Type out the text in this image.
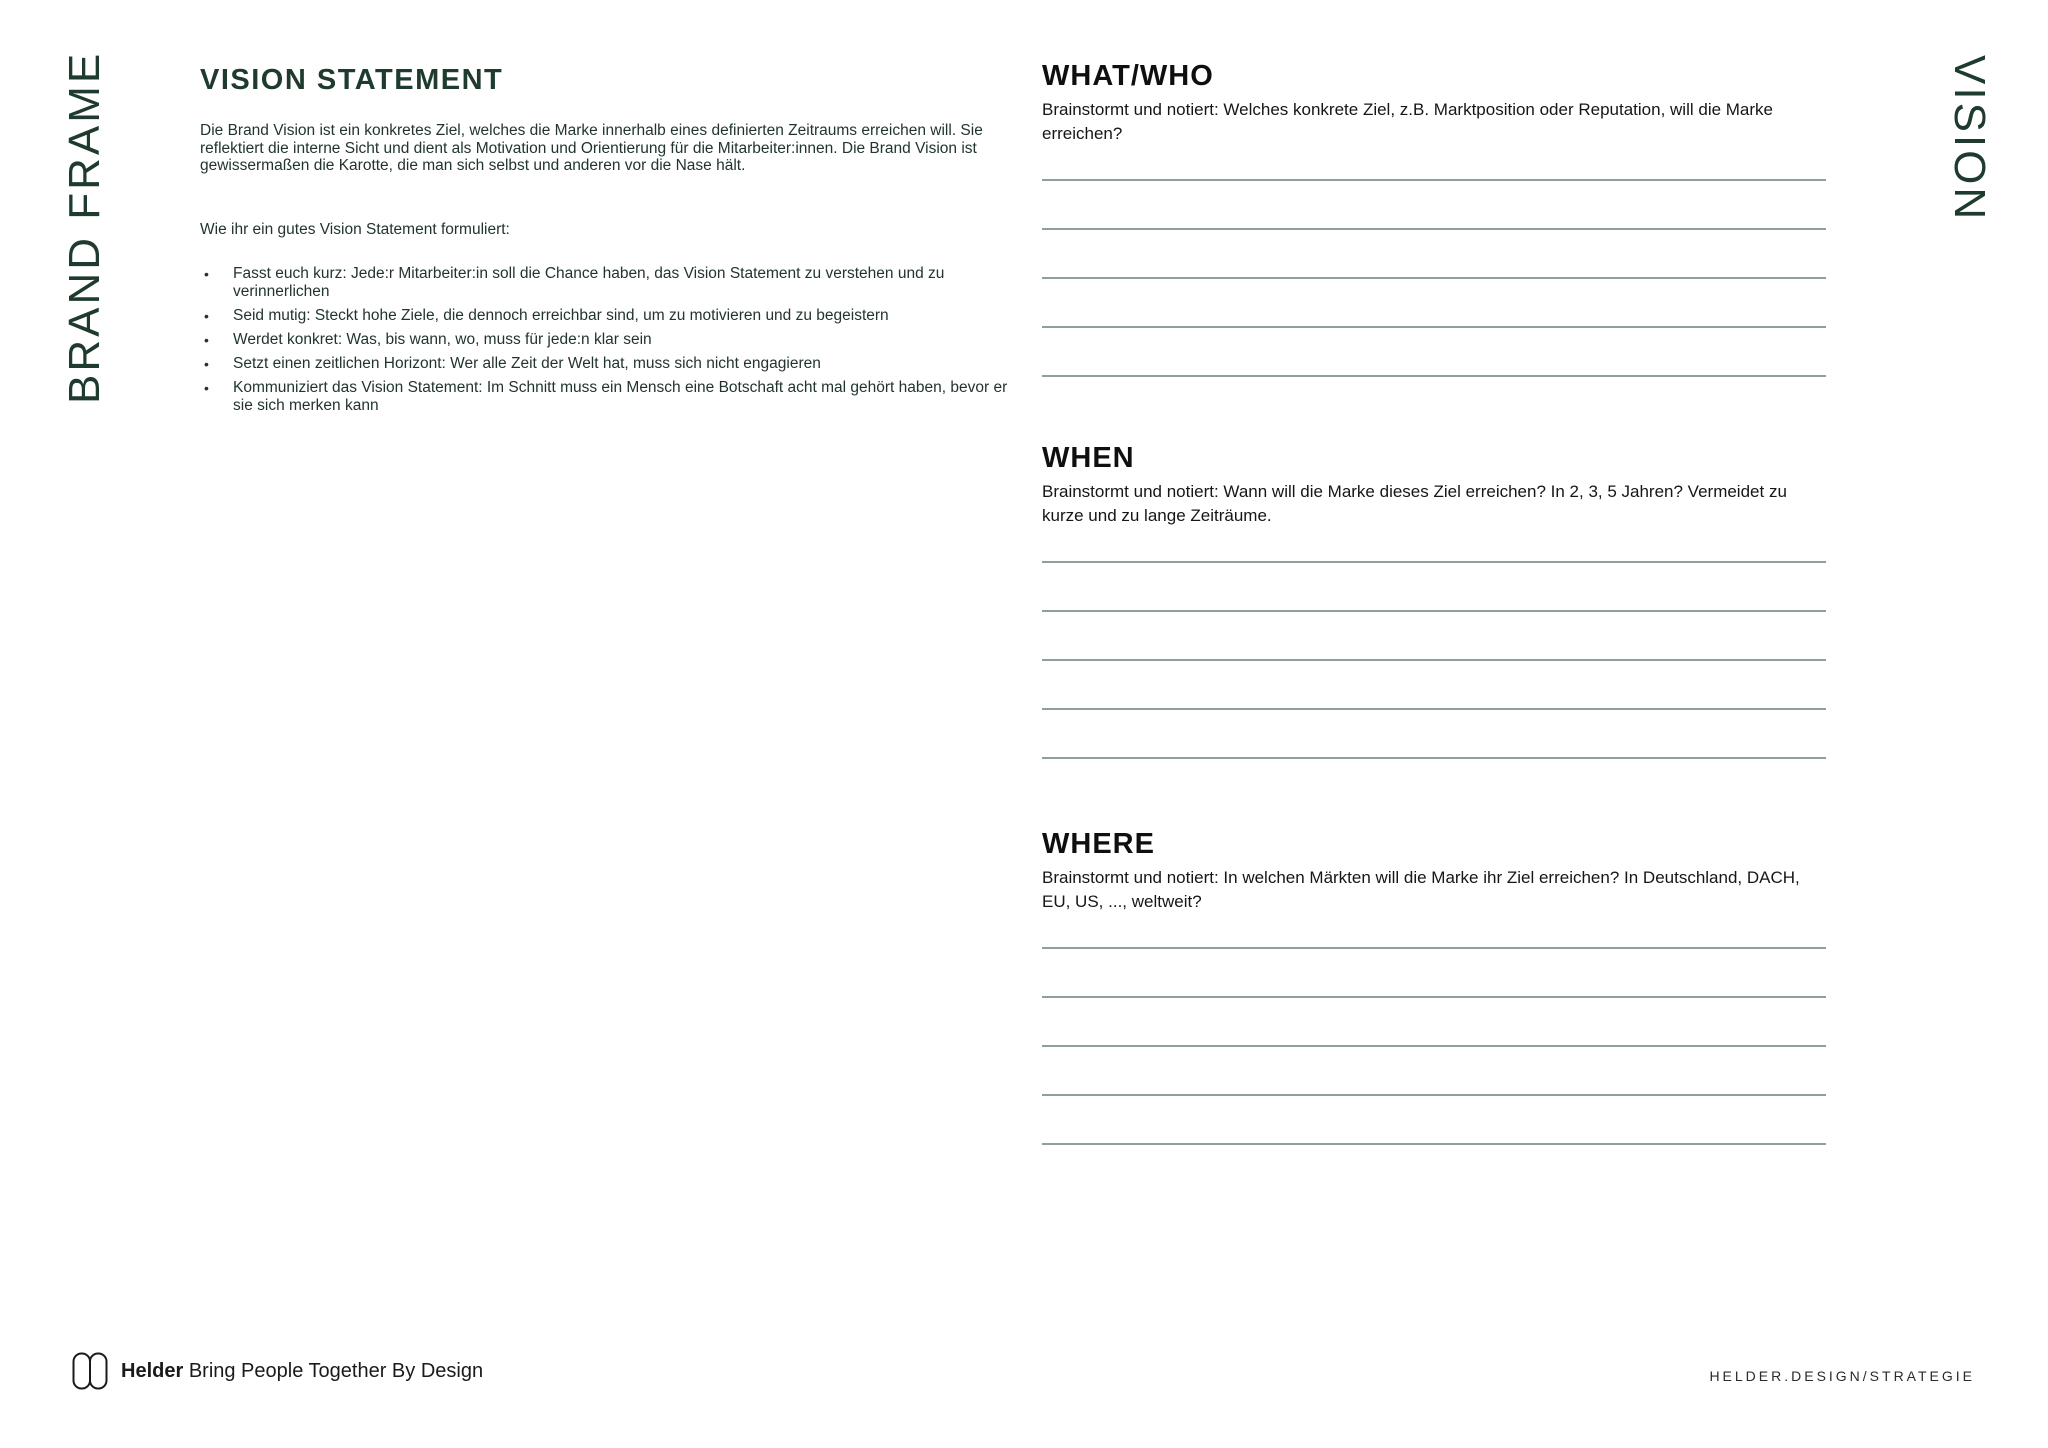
BRAND FRAME	VISION
VISION STATEMENT

Die Brand Vision ist ein konkretes Ziel, welches die Marke innerhalb eines definierten Zeitraums erreichen will. Sie reflektiert die interne Sicht und dient als Motivation und Orientierung für die Mitarbeiter:innen. Die Brand Vision ist gewissermaßen die Karotte, die man sich selbst und anderen vor die Nase hält.

Wie ihr ein gutes Vision Statement formuliert:

• Fasst euch kurz: Jede:r Mitarbeiter:in soll die Chance haben, das Vision Statement zu verstehen und zu verinnerlichen
• Seid mutig: Steckt hohe Ziele, die dennoch erreichbar sind, um zu motivieren und zu begeistern
• Werdet konkret: Was, bis wann, wo, muss für jede:n klar sein
• Setzt einen zeitlichen Horizont: Wer alle Zeit der Welt hat, muss sich nicht engagieren
• Kommuniziert das Vision Statement: Im Schnitt muss ein Mensch eine Botschaft acht mal gehört haben, bevor er sie sich merken kann
WHAT/WHO

Brainstormt und notiert: Welches konkrete Ziel, z.B. Marktposition oder Reputation, will die Marke erreichen?

WHEN

Brainstormt und notiert: Wann will die Marke dieses Ziel erreichen? In 2, 3, 5 Jahren? Vermeidet zu kurze und zu lange Zeiträume.

WHERE

Brainstormt und notiert: In welchen Märkten will die Marke ihr Ziel erreichen? In Deutschland, DACH, EU, US, ..., weltweit?

Helder Bring People Together By Design	HELDER.DESIGN/STRATEGIE
